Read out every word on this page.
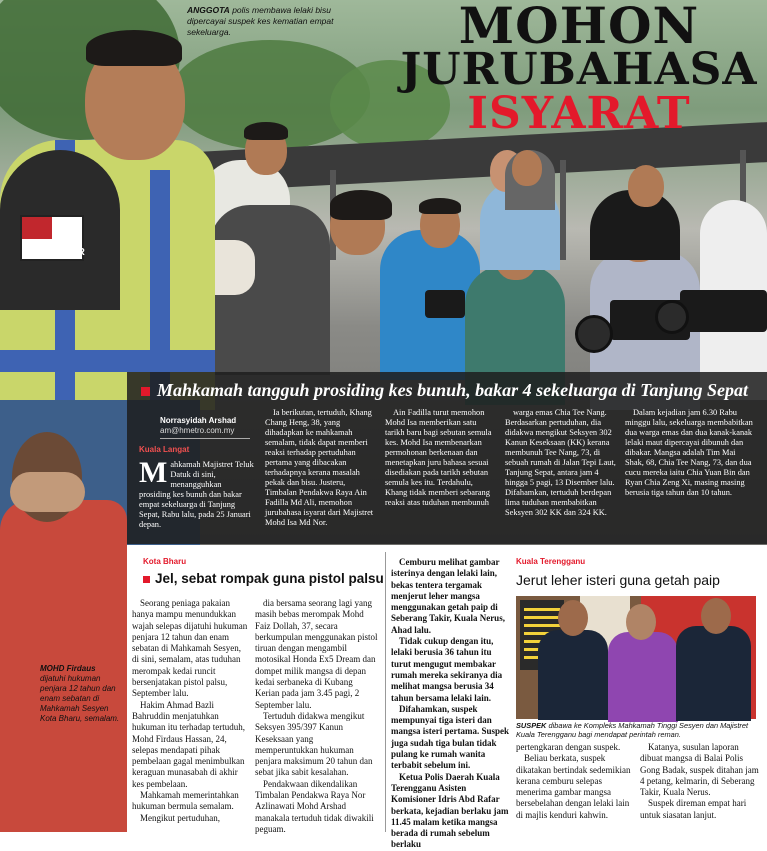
MP SNIPER
ANGGOTA polis membawa lelaki bisu dipercayai suspek kes kematian empat sekeluarga.	MOHON
JURUBAHASA
ISYARAT
Mahkamah tangguh prosiding kes bunuh, bakar 4 sekeluarga di Tanjung Sepat
Norrasyidah Arshad
am@hmetro.com.my
Kuala Langat
Mahkamah Majistret Teluk Datuk di sini, menangguhkan prosiding kes bunuh dan bakar empat sekeluarga di Tanjung Sepat, Rabu lalu, pada 25 Januari depan.

Ia berikutan, tertuduh, Khang Chang Heng, 38, yang dihadapkan ke mahkamah semalam, tidak dapat memberi reaksi terhadap pertuduhan pertama yang dibacakan terhadapnya kerana masalah pekak dan bisu. Justeru, Timbalan Pendakwa Raya Ain Fadilla Md Ali, memohon jurubahasa isyarat dari Majistret Mohd Isa Md Nor.

Ain Fadilla turut memohon Mohd Isa memberikan satu tarikh baru bagi sebutan semula kes. Mohd Isa membenarkan permohonan berkenaan dan menetapkan juru bahasa sesuai disediakan pada tarikh sebutan semula kes itu. Terdahulu, Khang tidak memberi sebarang reaksi atas tuduhan membunuh

warga emas Chia Tee Nang. Berdasarkan pertuduhan, dia didakwa mengikut Seksyen 302 Kanun Keseksaan (KK) kerana membunuh Tee Nang, 73, di sebuah rumah di Jalan Tepi Laut, Tanjung Sepat, antara jam 4 hingga 5 pagi, 13 Disember lalu. Difahamkan, tertuduh berdepan lima tuduhan membabitkan Seksyen 302 KK dan 324 KK.

Dalam kejadian jam 6.30 Rabu minggu lalu, sekeluarga membabitkan dua warga emas dan dua kanak-kanak lelaki maut dipercayai dibunuh dan dibakar. Mangsa adalah Tim Mai Shak, 68, Chia Tee Nang, 73, dan dua cucu mereka iaitu Chia Yuan Bin dan Ryan Chia Zeng Xi, masing masing berusia tiga tahun dan 10 tahun.

MOHD Firdaus dijatuhi hukuman penjara 12 tahun dan enam sebatan di Mahkamah Sesyen Kota Bharu, semalam.
Kota Bharu
Jel, sebat rompak guna pistol palsu

Seorang peniaga pakaian hanya mampu menundukkan wajah selepas dijatuhi hukuman penjara 12 tahun dan enam sebatan di Mahkamah Sesyen, di sini, semalam, atas tuduhan merompak kedai runcit bersenjatakan pistol palsu, September lalu.

Hakim Ahmad Bazli Bahruddin menjatuhkan hukuman itu terhadap tertuduh, Mohd Firdaus Hassan, 24, selepas mendapati pihak pembelaan gagal menimbulkan keraguan munasabah di akhir kes pembelaan.

Mahkamah memerintahkan hukuman bermula semalam.

Mengikut pertuduhan,

dia bersama seorang lagi yang masih bebas merompak Mohd Faiz Dollah, 37, secara berkumpulan menggunakan pistol tiruan dengan mengambil motosikal Honda Ex5 Dream dan dompet milik mangsa di depan kedai serbaneka di Kubang Kerian pada jam 3.45 pagi, 2 September lalu.

Tertuduh didakwa mengikut Seksyen 395/397 Kanun Keseksaan yang memperuntukkan hukuman penjara maksimum 20 tahun dan sebat jika sabit kesalahan.

Pendakwaan dikendalikan Timbalan Pendakwa Raya Nor Azlinawati Mohd Arshad manakala tertuduh tidak diwakili peguam.

Cemburu melihat gambar isterinya dengan lelaki lain, bekas tentera tergamak menjerut leher mangsa menggunakan getah paip di Seberang Takir, Kuala Nerus, Ahad lalu.

Tidak cukup dengan itu, lelaki berusia 36 tahun itu turut mengugut membakar rumah mereka sekiranya dia melihat mangsa berusia 34 tahun bersama lelaki lain.

Difahamkan, suspek mempunyai tiga isteri dan mangsa isteri pertama. Suspek juga sudah tiga bulan tidak pulang ke rumah wanita terbabit sebelum ini.

Ketua Polis Daerah Kuala Terengganu Asisten Komisioner Idris Abd Rafar berkata, kejadian berlaku jam 11.45 malam ketika mangsa berada di rumah sebelum berlaku

Kuala Terengganu
Jerut leher isteri guna getah paip
SUSPEK dibawa ke Kompleks Mahkamah Tinggi Sesyen dan Majistret Kuala Terengganu bagi mendapat perintah reman.

pertengkaran dengan suspek.

Beliau berkata, suspek dikatakan bertindak sedemikian kerana cemburu selepas menerima gambar mangsa bersebelahan dengan lelaki lain di majlis kenduri kahwin.

Katanya, susulan laporan dibuat mangsa di Balai Polis Gong Badak, suspek ditahan jam 4 petang, kelmarin, di Seberang Takir, Kuala Nerus.

Suspek direman empat hari untuk siasatan lanjut.
